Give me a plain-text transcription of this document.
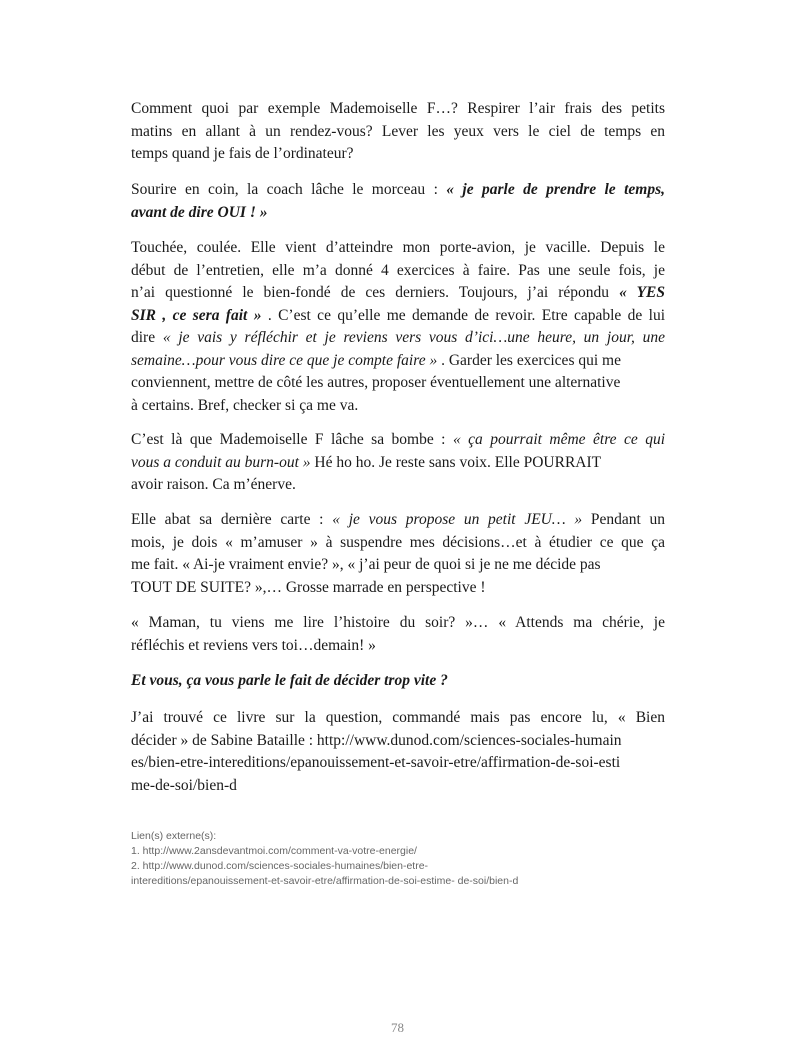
Comment quoi par exemple Mademoiselle F…? Respirer l’air frais des petits
matins en allant à un rendez-vous? Lever les yeux vers le ciel de temps en
temps quand je fais de l’ordinateur?
Sourire en coin, la coach lâche le morceau : « je parle de prendre le temps,
avant de dire OUI ! »
Touchée, coulée. Elle vient d’atteindre mon porte-avion, je vacille. Depuis le
début de l’entretien, elle m’a donné 4 exercices à faire. Pas une seule fois, je
n’ai questionné le bien-fondé de ces derniers. Toujours, j’ai répondu « YES
SIR , ce sera fait » . C’est ce qu’elle me demande de revoir. Etre capable de lui
dire « je vais y réfléchir et je reviens vers vous d’ici…une heure, un jour, une
semaine…pour vous dire ce que je compte faire » . Garder les exercices qui me
conviennent, mettre de côté les autres, proposer éventuellement une alternative
à certains. Bref, checker si ça me va.
C’est là que Mademoiselle F lâche sa bombe : « ça pourrait même être ce qui
vous a conduit au burn-out » Hé ho ho. Je reste sans voix. Elle POURRAIT
avoir raison. Ca m’énerve.
Elle abat sa dernière carte : « je vous propose un petit JEU… » Pendant un
mois, je dois « m’amuser » à suspendre mes décisions…et à étudier ce que ça
me fait. « Ai-je vraiment envie? », « j’ai peur de quoi si je ne me décide pas
TOUT DE SUITE? »,… Grosse marrade en perspective !
« Maman, tu viens me lire l’histoire du soir? »… « Attends ma chérie, je
réfléchis et reviens vers toi…demain! »

Et vous, ça vous parle le fait de décider trop vite ?

J’ai trouvé ce livre sur la question, commandé mais pas encore lu, « Bien
décider » de Sabine Bataille : http://www.dunod.com/sciences-sociales-humain
es/bien-etre-intereditions/epanouissement-et-savoir-etre/affirmation-de-soi-esti
me-de-soi/bien-d
Lien(s) externe(s):
1. http://www.2ansdevantmoi.com/comment-va-votre-energie/
2. http://www.dunod.com/sciences-sociales-humaines/bien-etre-
intereditions/epanouissement-et-savoir-etre/affirmation-de-soi-estime- de-soi/bien-d
78
